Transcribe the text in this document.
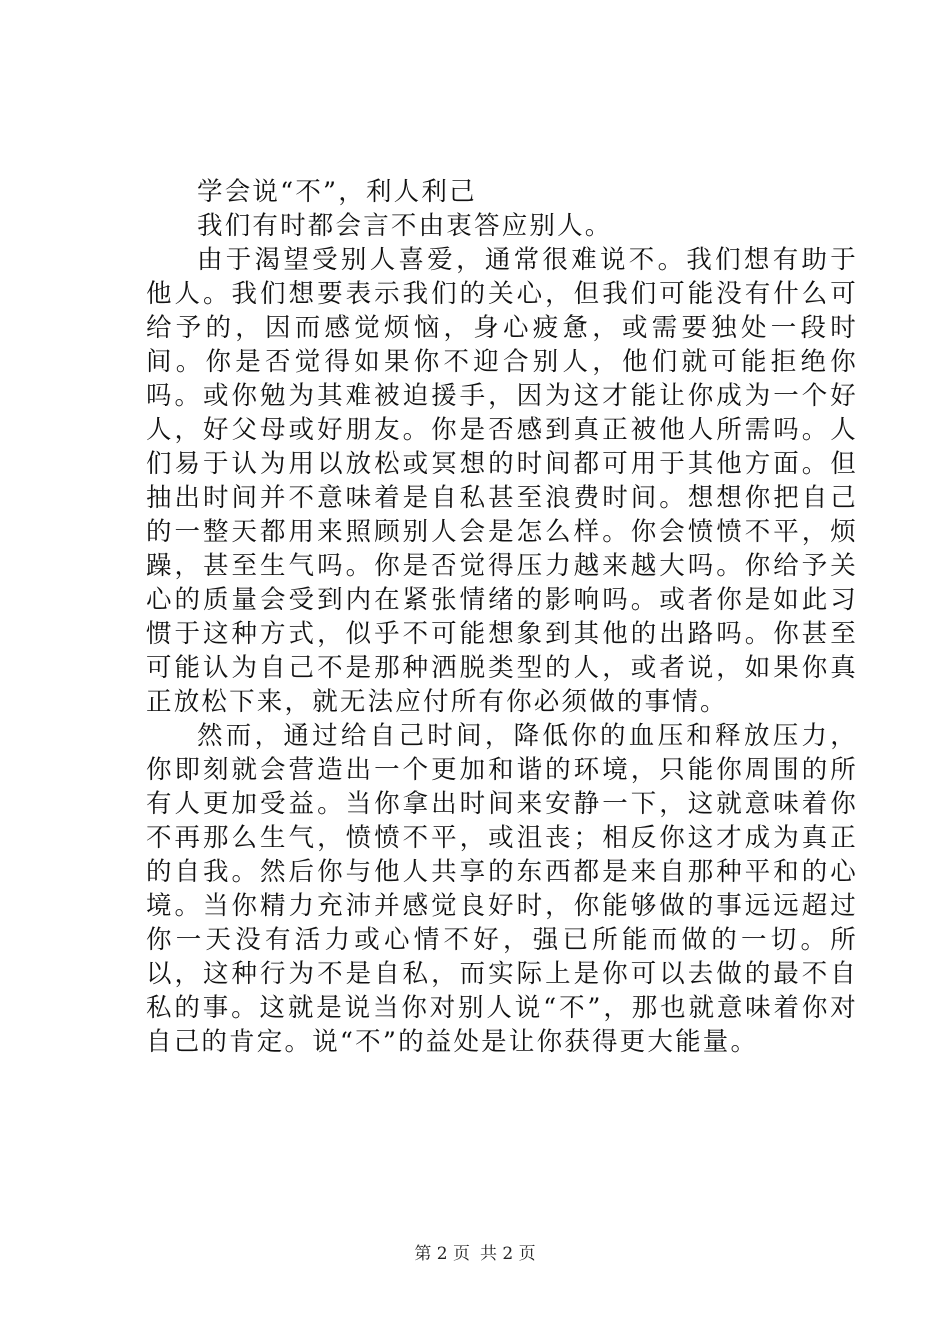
学会说“不”，利人利己

我们有时都会言不由衷答应别人。

由于渴望受别人喜爱，通常很难说不。我们想有助于他人。我们想要表示我们的关心，但我们可能没有什么可给予的，因而感觉烦恼，身心疲惫，或需要独处一段时间。你是否觉得如果你不迎合别人，他们就可能拒绝你吗。或你勉为其难被迫援手，因为这才能让你成为一个好人，好父母或好朋友。你是否感到真正被他人所需吗。人们易于认为用以放松或冥想的时间都可用于其他方面。但抽出时间并不意味着是自私甚至浪费时间。想想你把自己的一整天都用来照顾别人会是怎么样。你会愤愤不平，烦躁，甚至生气吗。你是否觉得压力越来越大吗。你给予关心的质量会受到内在紧张情绪的影响吗。或者你是如此习惯于这种方式，似乎不可能想象到其他的出路吗。你甚至可能认为自己不是那种洒脱类型的人，或者说，如果你真正放松下来，就无法应付所有你必须做的事情。

然而，通过给自己时间，降低你的血压和释放压力，你即刻就会营造出一个更加和谐的环境，只能你周围的所有人更加受益。当你拿出时间来安静一下，这就意味着你不再那么生气，愤愤不平，或沮丧；相反你这才成为真正的自我。然后你与他人共享的东西都是来自那种平和的心境。当你精力充沛并感觉良好时，你能够做的事远远超过你一天没有活力或心情不好，强已所能而做的一切。所以，这种行为不是自私，而实际上是你可以去做的最不自私的事。这就是说当你对别人说“不”，那也就意味着你对自己的肯定。说“不”的益处是让你获得更大能量。

第 2 页 共 2 页
